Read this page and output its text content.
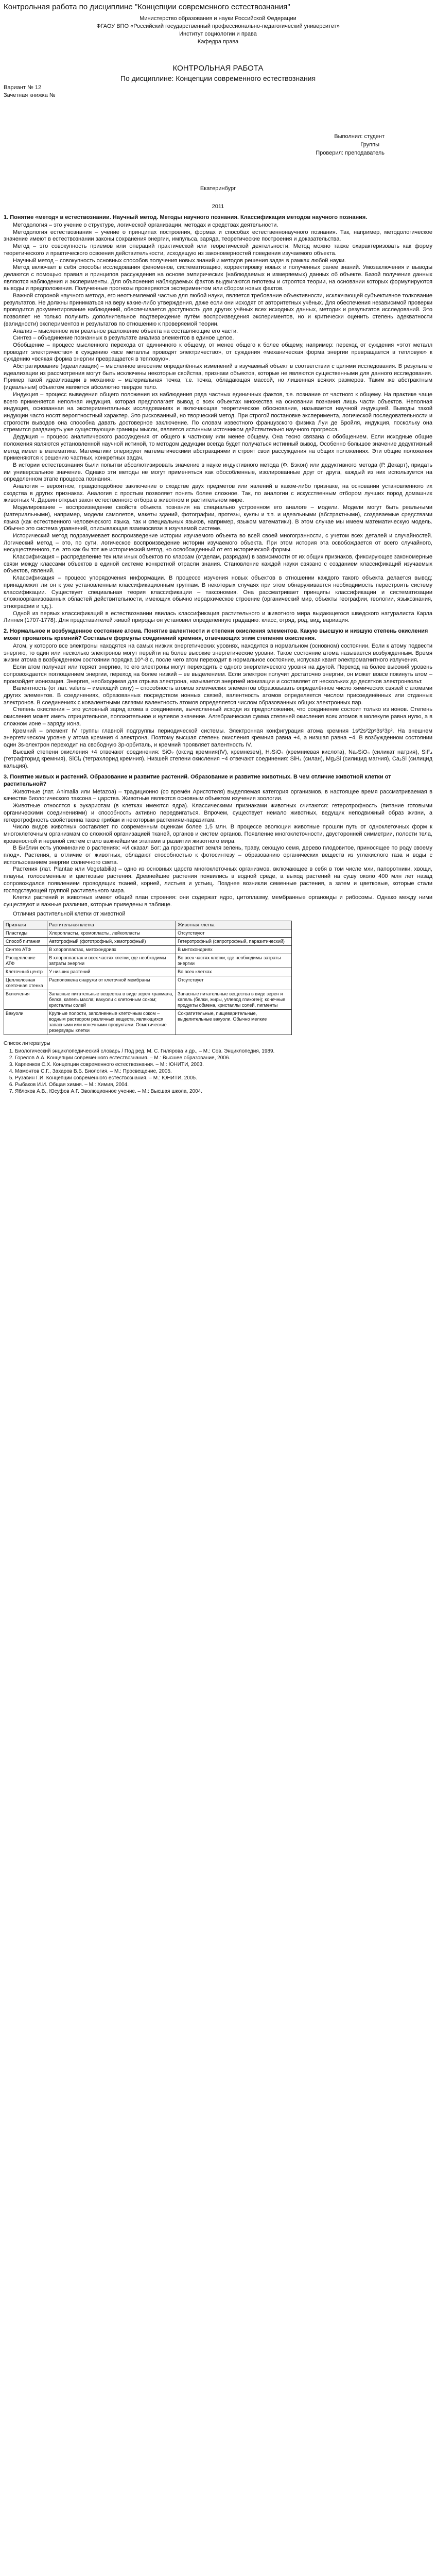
Контрольная работа по дисциплине "Концепции современного естествознания"
Министерство образования и науки Российской Федерации
ФГАОУ ВПО «Российский государственный профессионально-педагогический университет»
Институт социологии и права
Кафедра права
КОНТРОЛЬНАЯ РАБОТА
По дисциплине: Концепции современного естествознания
Вариант № 12
Зачетная книжка №
Выполнил: студент
Группы
Проверил: преподаватель
Екатеринбург
2011
1. Понятие «метод» в естествознании. Научный метод. Методы научного познания. Классификация методов научного познания.

Методология – это учение о структуре, логической организации, методах и средствах деятельности.

Методология естествознания – учение о принципах построения, формах и способах естественнонаучного познания. Так, например, методологическое значение имеют в естествознании законы сохранения энергии, импульса, заряда, теоретические построения и доказательства.

Метод – это совокупность приемов или операций практической или теоретической деятельности. Метод можно также охарактеризовать как форму теоретического и практического освоения действительности, исходящую из закономерностей поведения изучаемого объекта.

Научный метод – совокупность основных способов получения новых знаний и методов решения задач в рамках любой науки.

Метод включает в себя способы исследования феноменов, систематизацию, корректировку новых и полученных ранее знаний. Умозаключения и выводы делаются с помощью правил и принципов рассуждения на основе эмпирических (наблюдаемых и измеряемых) данных об объекте. Базой получения данных являются наблюдения и эксперименты. Для объяснения наблюдаемых фактов выдвигаются гипотезы и строятся теории, на основании которых формулируются выводы и предположения. Полученные прогнозы проверяются экспериментом или сбором новых фактов.

Важной стороной научного метода, его неотъемлемой частью для любой науки, является требование объективности, исключающей субъективное толкование результатов. Не должны приниматься на веру какие-либо утверждения, даже если они исходят от авторитетных учёных. Для обеспечения независимой проверки проводится документирование наблюдений, обеспечивается доступность для других учёных всех исходных данных, методик и результатов исследований. Это позволяет не только получить дополнительное подтверждение путём воспроизведения экспериментов, но и критически оценить степень адекватности (валидности) экспериментов и результатов по отношению к проверяемой теории.

Анализ – мысленное или реальное разложение объекта на составляющие его части.

Синтез – объединение познанных в результате анализа элементов в единое целое.

Обобщение – процесс мысленного перехода от единичного к общему, от менее общего к более общему, например: переход от суждения «этот металл проводит электричество» к суждению «все металлы проводят электричество», от суждения «механическая форма энергии превращается в тепловую» к суждению «всякая форма энергии превращается в тепловую».

Абстрагирование (идеализация) – мысленное внесение определённых изменений в изучаемый объект в соответствии с целями исследования. В результате идеализации из рассмотрения могут быть исключены некоторые свойства, признаки объектов, которые не являются существенными для данного исследования. Пример такой идеализации в механике – материальная точка, т.е. точка, обладающая массой, но лишенная всяких размеров. Таким же абстрактным (идеальным) объектом является абсолютно твердое тело.

Индукция – процесс выведения общего положения из наблюдения ряда частных единичных фактов, т.е. познание от частного к общему. На практике чаще всего применяется неполная индукция, которая предполагает вывод о всех объектах множества на основании познания лишь части объектов. Неполная индукция, основанная на экспериментальных исследованиях и включающая теоретическое обоснование, называется научной индукцией. Выводы такой индукции часто носят вероятностный характер. Это рискованный, но творческий метод. При строгой постановке эксперимента, логической последовательности и строгости выводов она способна давать достоверное заключение. По словам известного французского физика Луи де Бройля, индукция, поскольку она стремится раздвинуть уже существующие границы мысли, является истинным источником действительно научного прогресса.

Дедукция – процесс аналитического рассуждения от общего к частному или менее общему. Она тесно связана с обобщением. Если исходные общие положения являются установленной научной истиной, то методом дедукции всегда будет получаться истинный вывод. Особенно большое значение дедуктивный метод имеет в математике. Математики оперируют математическими абстракциями и строят свои рассуждения на общих положениях. Эти общие положения применяются к решению частных, конкретных задач.

В истории естествознания были попытки абсолютизировать значение в науке индуктивного метода (Ф. Бэкон) или дедуктивного метода (Р. Декарт), придать им универсальное значение. Однако эти методы не могут применяться как обособленные, изолированные друг от друга, каждый из них используется на определенном этапе процесса познания.

Аналогия – вероятное, правдоподобное заключение о сходстве двух предметов или явлений в каком-либо признаке, на основании установленного их сходства в других признаках. Аналогия с простым позволяет понять более сложное. Так, по аналогии с искусственным отбором лучших пород домашних животных Ч. Дарвин открыл закон естественного отбора в животном и растительном мире.

Моделирование – воспроизведение свойств объекта познания на специально устроенном его аналоге – модели. Модели могут быть реальными (материальными), например, модели самолетов, макеты зданий, фотографии, протезы, куклы и т.п. и идеальными (абстрактными), создаваемые средствами языка (как естественного человеческого языка, так и специальных языков, например, языком математики). В этом случае мы имеем математическую модель. Обычно это система уравнений, описывающая взаимосвязи в изучаемой системе.

Исторический метод подразумевает воспроизведение истории изучаемого объекта во всей своей многогранности, с учетом всех деталей и случайностей. Логический метод – это, по сути, логическое воспроизведение истории изучаемого объекта. При этом история эта освобождается от всего случайного, несущественного, т.е. это как бы тот же исторический метод, но освобожденный от его исторической формы.

Классификация – распределение тех или иных объектов по классам (отделам, разрядам) в зависимости от их общих признаков, фиксирующее закономерные связи между классами объектов в единой системе конкретной отрасли знания. Становление каждой науки связано с созданием классификаций изучаемых объектов, явлений.

Классификация – процесс упорядочения информации. В процессе изучения новых объектов в отношении каждого такого объекта делается вывод: принадлежит ли он к уже установленным классификационным группам. В некоторых случаях при этом обнаруживается необходимость перестроить систему классификации. Существует специальная теория классификации – таксономия. Она рассматривает принципы классификации и систематизации сложноорганизованных областей действительности, имеющих обычно иерархическое строение (органический мир, объекты географии, геологии, языкознания, этнографии и т.д.).

Одной из первых классификаций в естествознании явилась классификация растительного и животного мира выдающегося шведского натуралиста Карла Линнея (1707-1778). Для представителей живой природы он установил определенную градацию: класс, отряд, род, вид, вариация.

2. Нормальное и возбужденное состояние атома. Понятие валентности и степени окисления элементов. Какую высшую и низшую степень окисления может проявлять кремний? Составьте формулы соединений кремния, отвечающих этим степеням окисления.

Атом, у которого все электроны находятся на самых низких энергетических уровнях, находится в нормальном (основном) состоянии. Если к атому подвести энергию, то один или несколько электронов могут перейти на более высокие энергетические уровни. Такое состояние атома называется возбужденным. Время жизни атома в возбужденном состоянии порядка 10^-8 с, после чего атом переходит в нормальное состояние, испуская квант электромагнитного излучения.

Если атом получает или теряет энергию, то его электроны могут переходить с одного энергетического уровня на другой. Переход на более высокий уровень сопровождается поглощением энергии, переход на более низкий – ее выделением. Если электрон получит достаточно энергии, он может вовсе покинуть атом – произойдет ионизация. Энергия, необходимая для отрыва электрона, называется энергией ионизации и составляет от нескольких до десятков электронвольт.

Валентность (от лат. valens – имеющий силу) – способность атомов химических элементов образовывать определённое число химических связей с атомами других элементов. В соединениях, образованных посредством ионных связей, валентность атомов определяется числом присоединённых или отданных электронов. В соединениях с ковалентными связями валентность атомов определяется числом образованных общих электронных пар.

Степень окисления – это условный заряд атома в соединении, вычисленный исходя из предположения, что соединение состоит только из ионов. Степень окисления может иметь отрицательное, положительное и нулевое значение. Алгебраическая сумма степеней окисления всех атомов в молекуле равна нулю, а в сложном ионе – заряду иона.

Кремний – элемент IV группы главной подгруппы периодической системы. Электронная конфигурация атома кремния 1s²2s²2p⁶3s²3p². На внешнем энергетическом уровне у атома кремния 4 электрона. Поэтому высшая степень окисления кремния равна +4, а низшая равна −4. В возбужденном состоянии один 3s-электрон переходит на свободную 3p-орбиталь, и кремний проявляет валентность IV.

Высшей степени окисления +4 отвечают соединения: SiO₂ (оксид кремния(IV), кремнезем), H₂SiO₃ (кремниевая кислота), Na₂SiO₃ (силикат натрия), SiF₄ (тетрафторид кремния), SiCl₄ (тетрахлорид кремния). Низшей степени окисления −4 отвечают соединения: SiH₄ (силан), Mg₂Si (силицид магния), Ca₂Si (силицид кальция).

3. Понятие живых и растений. Образование и развитие растений. Образование и развитие животных. В чем отличие животной клетки от растительной?

Животные (лат. Animalia или Metazoa) – традиционно (со времён Аристотеля) выделяемая категория организмов, в настоящее время рассматриваемая в качестве биологического таксона – царства. Животные являются основным объектом изучения зоологии.

Животные относятся к эукариотам (в клетках имеются ядра). Классическими признаками животных считаются: гетеротрофность (питание готовыми органическими соединениями) и способность активно передвигаться. Впрочем, существует немало животных, ведущих неподвижный образ жизни, а гетеротрофность свойственна также грибам и некоторым растениям-паразитам.

Число видов животных составляет по современным оценкам более 1,5 млн. В процессе эволюции животные прошли путь от одноклеточных форм к многоклеточным организмам со сложной организацией тканей, органов и систем органов. Появление многоклеточности, двусторонней симметрии, полости тела, кровеносной и нервной систем стало важнейшими этапами в развитии животного мира.

В Библии есть упоминание о растениях: «И сказал Бог: да произрастит земля зелень, траву, сеющую семя, дерево плодовитое, приносящее по роду своему плод». Растения, в отличие от животных, обладают способностью к фотосинтезу – образованию органических веществ из углекислого газа и воды с использованием энергии солнечного света.

Растения (лат. Plantae или Vegetabilia) – одно из основных царств многоклеточных организмов, включающее в себя в том числе мхи, папоротники, хвощи, плауны, голосеменные и цветковые растения. Древнейшие растения появились в водной среде, а выход растений на сушу около 400 млн лет назад сопровождался появлением проводящих тканей, корней, листьев и устьиц. Позднее возникли семенные растения, а затем и цветковые, которые стали господствующей группой растительного мира.

Клетки растений и животных имеют общий план строения: они содержат ядро, цитоплазму, мембранные органоиды и рибосомы. Однако между ними существуют и важные различия, которые приведены в таблице.

Отличия растительной клетки от животной

Признаки	Растительная клетка	Животная клетка
Пластиды	Хлоропласты, хромопласты, лейкопласты	Отсутствуют
Способ питания	Автотрофный (фототрофный, хемотрофный)	Гетеротрофный (сапротрофный, паразитический)
Синтез АТФ	В хлоропластах, митохондриях	В митохондриях
Расщепление АТФ	В хлоропластах и всех частях клетки, где необходимы затраты энергии	Во всех частях клетки, где необходимы затраты энергии
Клеточный центр	У низших растений	Во всех клетках
Целлюлозная клеточная стенка	Расположена снаружи от клеточной мембраны	Отсутствует
Включения	Запасные питательные вещества в виде зерен крахмала, белка, капель масла; вакуоли с клеточным соком; кристаллы солей	Запасные питательные вещества в виде зерен и капель (белки, жиры, углевод гликоген); конечные продукты обмена, кристаллы солей, пигменты
Вакуоли	Крупные полости, заполненные клеточным соком – водным раствором различных веществ, являющихся запасными или конечными продуктами. Осмотические резервуары клетки	Сократительные, пищеварительные, выделительные вакуоли. Обычно мелкие
Список литературы
1. Биологический энциклопедический словарь / Под ред. М. С. Гилярова и др., – М.: Сов. Энциклопедия, 1989.
2. Горелов А.А. Концепции современного естествознания. – М.: Высшее образование, 2006.
3. Карпенков С.Х. Концепции современного естествознания. – М.: ЮНИТИ, 2003.
4. Мамонтов С.Г., Захаров В.Б. Биология. – М.: Просвещение, 2005.
5. Рузавин Г.И. Концепции современного естествознания. – М.: ЮНИТИ, 2005.
6. Рыбаков И.И. Общая химия. – М.: Химия, 2004.
7. Яблоков А.В., Юсуфов А.Г. Эволюционное учение. – М.: Высшая школа, 2004.
